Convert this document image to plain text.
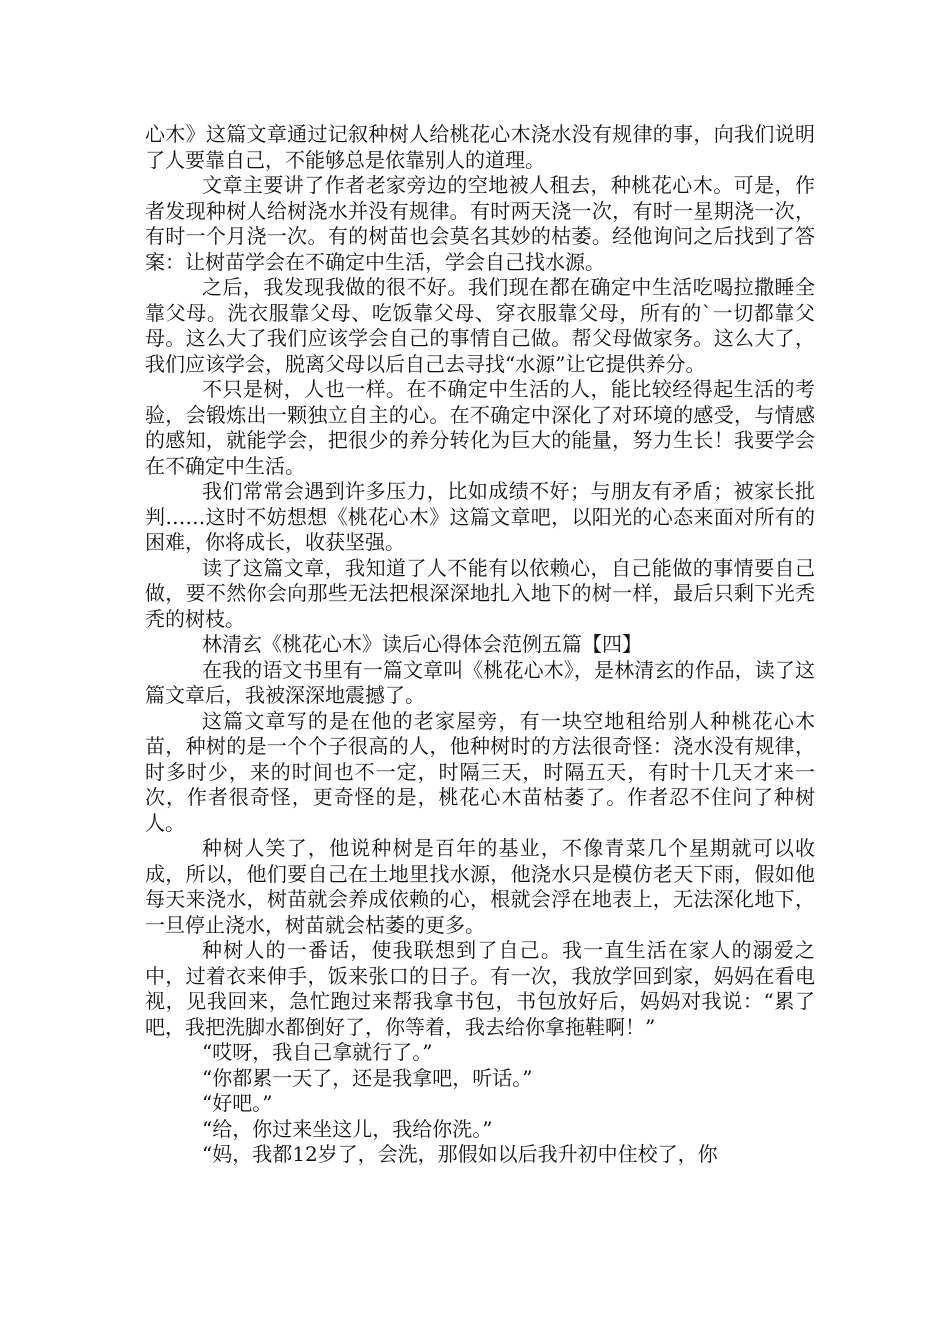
心木》这篇文章通过记叙种树人给桃花心木浇水没有规律的事，向我们说明了人要靠自己，不能够总是依靠别人的道理。

文章主要讲了作者老家旁边的空地被人租去，种桃花心木。可是，作者发现种树人给树浇水并没有规律。有时两天浇一次，有时一星期浇一次，有时一个月浇一次。有的树苗也会莫名其妙的枯萎。经他询问之后找到了答案：让树苗学会在不确定中生活，学会自己找水源。

之后，我发现我做的很不好。我们现在都在确定中生活吃喝拉撒睡全靠父母。洗衣服靠父母、吃饭靠父母、穿衣服靠父母，所有的`一切都靠父母。这么大了我们应该学会自己的事情自己做。帮父母做家务。这么大了，我们应该学会，脱离父母以后自己去寻找“水源”让它提供养分。

不只是树，人也一样。在不确定中生活的人，能比较经得起生活的考验，会锻炼出一颗独立自主的心。在不确定中深化了对环境的感受，与情感的感知，就能学会，把很少的养分转化为巨大的能量，努力生长！我要学会在不确定中生活。

我们常常会遇到许多压力，比如成绩不好；与朋友有矛盾；被家长批判……这时不妨想想《桃花心木》这篇文章吧，以阳光的心态来面对所有的困难，你将成长，收获坚强。

读了这篇文章，我知道了人不能有以依赖心，自己能做的事情要自己做，要不然你会向那些无法把根深深地扎入地下的树一样，最后只剩下光秃秃的树枝。

林清玄《桃花心木》读后心得体会范例五篇【四】

在我的语文书里有一篇文章叫《桃花心木》，是林清玄的作品，读了这篇文章后，我被深深地震撼了。

这篇文章写的是在他的老家屋旁，有一块空地租给别人种桃花心木苗，种树的是一个个子很高的人，他种树时的方法很奇怪：浇水没有规律，时多时少，来的时间也不一定，时隔三天，时隔五天，有时十几天才来一次，作者很奇怪，更奇怪的是，桃花心木苗枯萎了。作者忍不住问了种树人。

种树人笑了，他说种树是百年的基业，不像青菜几个星期就可以收成，所以，他们要自己在土地里找水源，他浇水只是模仿老天下雨，假如他每天来浇水，树苗就会养成依赖的心，根就会浮在地表上，无法深化地下，一旦停止浇水，树苗就会枯萎的更多。

种树人的一番话，使我联想到了自己。我一直生活在家人的溺爱之中，过着衣来伸手，饭来张口的日子。有一次，我放学回到家，妈妈在看电视，见我回来，急忙跑过来帮我拿书包，书包放好后，妈妈对我说：“累了吧，我把洗脚水都倒好了，你等着，我去给你拿拖鞋啊！”

“哎呀，我自己拿就行了。”

“你都累一天了，还是我拿吧，听话。”

“好吧。”

“给，你过来坐这儿，我给你洗。”

“妈，我都12岁了，会洗，那假如以后我升初中住校了，你
